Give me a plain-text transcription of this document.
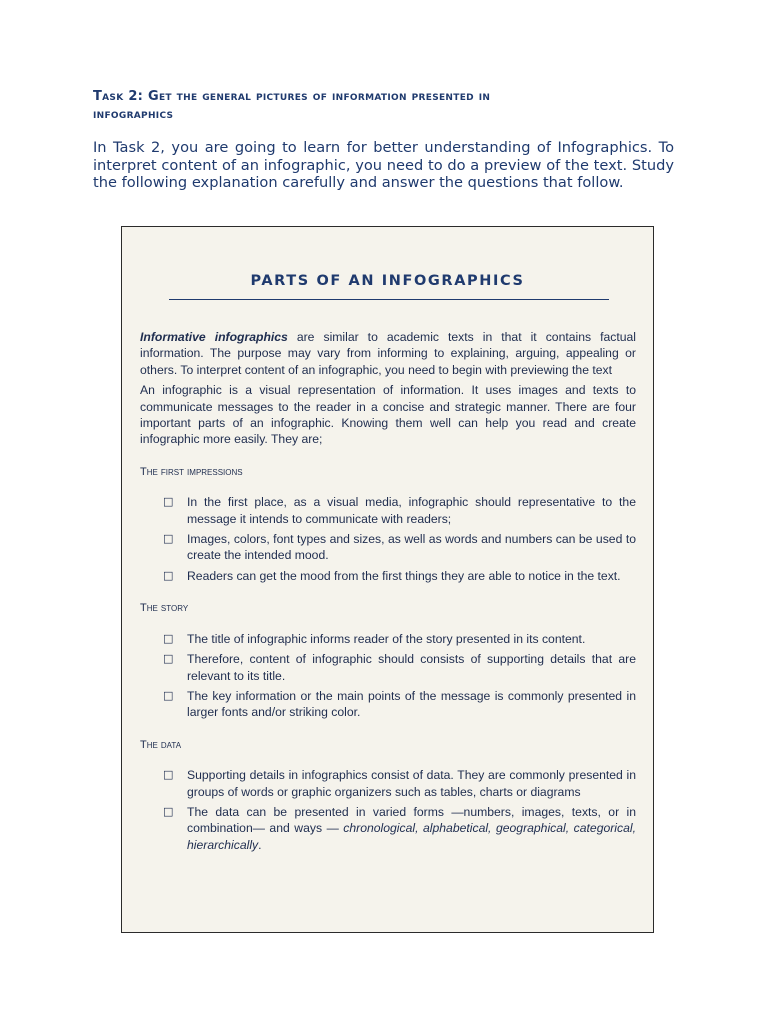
Task 2: Get the general pictures of information presented in
infographics

In Task 2, you are going to learn for better understanding of Infographics. To interpret content of an infographic, you need to do a preview of the text. Study the following explanation carefully and answer the questions that follow.

PARTS OF AN INFOGRAPHICS

Informative infographics are similar to academic texts in that it contains factual information. The purpose may vary from informing to explaining, arguing, appealing or others. To interpret content of an infographic, you need to begin with previewing the text

An infographic is a visual representation of information. It uses images and texts to communicate messages to the reader in a concise and strategic manner. There are four important parts of an infographic. Knowing them well can help you read and create infographic more easily. They are;

The first impressions
□ In the first place, as a visual media, infographic should representative to the message it intends to communicate with readers;
□ Images, colors, font types and sizes, as well as words and numbers can be used to create the intended mood.
□ Readers can get the mood from the first things they are able to notice in the text.
The story
□ The title of infographic informs reader of the story presented in its content.
□ Therefore, content of infographic should consists of supporting details that are relevant to its title.
□ The key information or the main points of the message is commonly presented in larger fonts and/or striking color.
The data
□ Supporting details in infographics consist of data. They are commonly presented in groups of words or graphic organizers such as tables, charts or diagrams
□ The data can be presented in varied forms —numbers, images, texts, or in combination— and ways — chronological, alphabetical, geographical, categorical, hierarchically.
